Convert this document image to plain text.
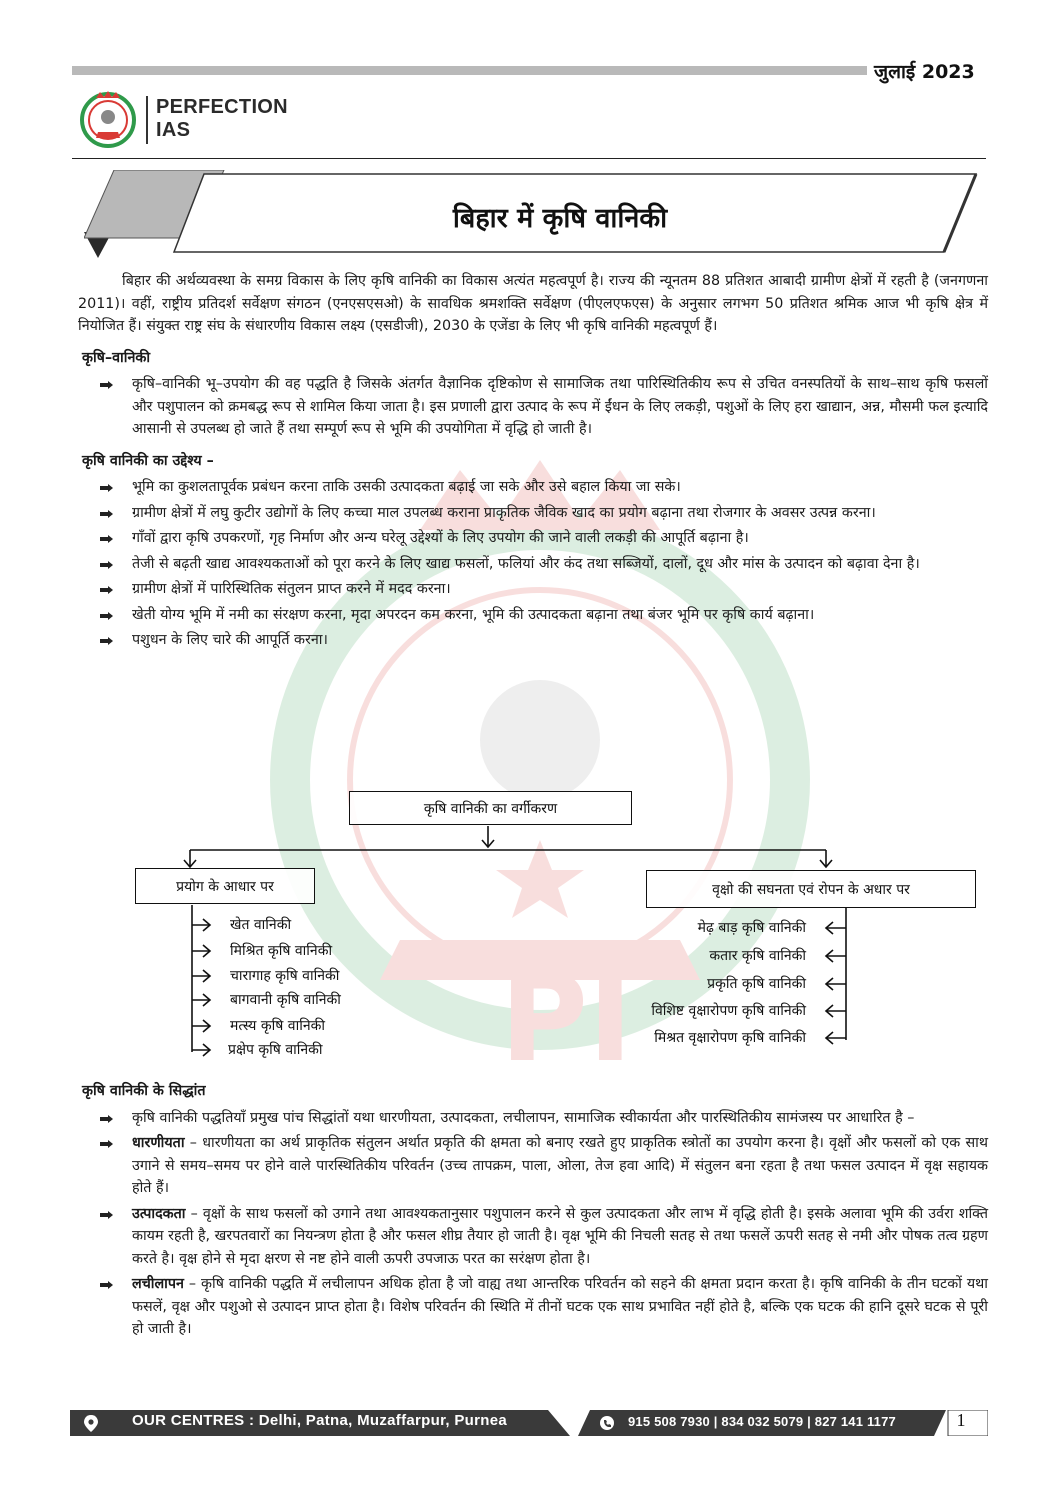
PI
जुलाई 2023
PERFECTION
IAS
बिहार में कृषि वानिकी

बिहार की अर्थव्यवस्था के समग्र विकास के लिए कृषि वानिकी का विकास अत्यंत महत्वपूर्ण है। राज्य की न्यूनतम 88 प्रतिशत आबादी ग्रामीण क्षेत्रों में रहती है (जनगणना 2011)। वहीं, राष्ट्रीय प्रतिदर्श सर्वेक्षण संगठन (एनएसएसओ) के सावधिक श्रमशक्ति सर्वेक्षण (पीएलएफएस) के अनुसार लगभग 50 प्रतिशत श्रमिक आज भी कृषि क्षेत्र में नियोजित हैं। संयुक्त राष्ट्र संघ के संधारणीय विकास लक्ष्य (एसडीजी), 2030 के एजेंडा के लिए भी कृषि वानिकी महत्वपूर्ण हैं।

कृषि–वानिकी
कृषि–वानिकी भू–उपयोग की वह पद्धति है जिसके अंतर्गत वैज्ञानिक दृष्टिकोण से सामाजिक तथा पारिस्थितिकीय रूप से उचित वनस्पतियों के साथ–साथ कृषि फसलों और पशुपालन को क्रमबद्ध रूप से शामिल किया जाता है। इस प्रणाली द्वारा उत्पाद के रूप में ईंधन के लिए लकड़ी, पशुओं के लिए हरा खाद्यान, अन्न, मौसमी फल इत्यादि आसानी से उपलब्ध हो जाते हैं तथा सम्पूर्ण रूप से भूमि की उपयोगिता में वृद्धि हो जाती है।
कृषि वानिकी का उद्देश्य –
भूमि का कुशलतापूर्वक प्रबंधन करना ताकि उसकी उत्पादकता बढ़ाई जा सके और उसे बहाल किया जा सके।
ग्रामीण क्षेत्रों में लघु कुटीर उद्योगों के लिए कच्चा माल उपलब्ध कराना प्राकृतिक जैविक खाद का प्रयोग बढ़ाना तथा रोजगार के अवसर उत्पन्न करना।
गाँवों द्वारा कृषि उपकरणों, गृह निर्माण और अन्य घरेलू उद्देश्यों के लिए उपयोग की जाने वाली लकड़ी की आपूर्ति बढ़ाना है।
तेजी से बढ़ती खाद्य आवश्यकताओं को पूरा करने के लिए खाद्य फसलों, फलियां और कंद तथा सब्जियों, दालों, दूध और मांस के उत्पादन को बढ़ावा देना है।
ग्रामीण क्षेत्रों में पारिस्थितिक संतुलन प्राप्त करने में मदद करना।
खेती योग्य भूमि में नमी का संरक्षण करना, मृदा अपरदन कम करना, भूमि की उत्पादकता बढ़ाना तथा बंजर भूमि पर कृषि कार्य बढ़ाना।
पशुधन के लिए चारे की आपूर्ति करना।
कृषि वानिकी का वर्गीकरण
प्रयोग के आधार पर	वृक्षो की सघनता एवं रोपन के अधार पर
खेत वानिकी
मिश्रित कृषि वानिकी
चारागाह कृषि वानिकी
बागवानी कृषि वानिकी
मत्स्य कृषि वानिकी
प्रक्षेप कृषि वानिकी
मेढ़ बाड़ कृषि वानिकी
कतार कृषि वानिकी
प्रकृति कृषि वानिकी
विशिष्ट वृक्षारोपण कृषि वानिकी
मिश्रत वृक्षारोपण कृषि वानिकी
कृषि वानिकी के सिद्धांत
कृषि वानिकी पद्धतियाँ प्रमुख पांच सिद्धांतों यथा धारणीयता, उत्पादकता, लचीलापन, सामाजिक स्वीकार्यता और पारस्थितिकीय सामंजस्य पर आधारित है –
धारणीयता – धारणीयता का अर्थ प्राकृतिक संतुलन अर्थात प्रकृति की क्षमता को बनाए रखते हुए प्राकृतिक स्त्रोतों का उपयोग करना है। वृक्षों और फसलों को एक साथ उगाने से समय–समय पर होने वाले पारस्थितिकीय परिवर्तन (उच्च तापक्रम, पाला, ओला, तेज हवा आदि) में संतुलन बना रहता है तथा फसल उत्पादन में वृक्ष सहायक होते हैं।
उत्पादकता – वृक्षों के साथ फसलों को उगाने तथा आवश्यकतानुसार पशुपालन करने से कुल उत्पादकता और लाभ में वृद्धि होती है। इसके अलावा भूमि की उर्वरा शक्ति कायम रहती है, खरपतवारों का नियन्त्रण होता है और फसल शीघ्र तैयार हो जाती है। वृक्ष भूमि की निचली सतह से तथा फसलें ऊपरी सतह से नमी और पोषक तत्व ग्रहण करते है। वृक्ष होने से मृदा क्षरण से नष्ट होने वाली ऊपरी उपजाऊ परत का सरंक्षण होता है।
लचीलापन – कृषि वानिकी पद्धति में लचीलापन अधिक होता है जो वाह्य तथा आन्तरिक परिवर्तन को सहने की क्षमता प्रदान करता है। कृषि वानिकी के तीन घटकों यथा फसलें, वृक्ष और पशुओ से उत्पादन प्राप्त होता है। विशेष परिवर्तन की स्थिति में तीनों घटक एक साथ प्रभावित नहीं होते है, बल्कि एक घटक की हानि दूसरे घटक से पूरी हो जाती है।
OUR CENTRES : Delhi, Patna, Muzaffarpur, Purnea	915 508 7930 | 834 032 5079 | 827 141 1177	1
